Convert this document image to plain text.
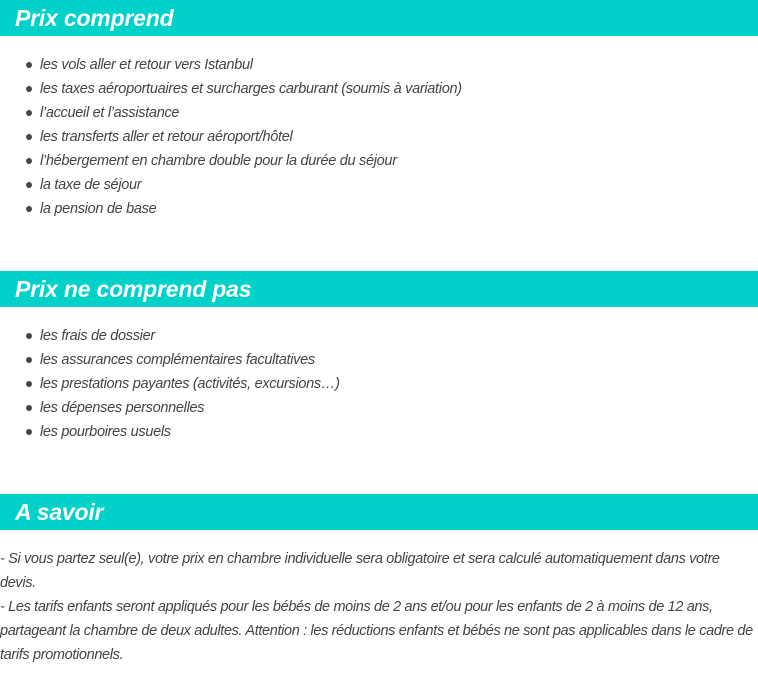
Prix comprend
les vols aller et retour vers Istanbul
les taxes aéroportuaires et surcharges carburant (soumis à variation)
l’accueil et l’assistance
les transferts aller et retour aéroport/hôtel
l’hébergement en chambre double pour la durée du séjour
la taxe de séjour
la pension de base
Prix ne comprend pas
les frais de dossier
les assurances complémentaires facultatives
les prestations payantes (activités, excursions…)
les dépenses personnelles
les pourboires usuels
A savoir

- Si vous partez seul(e), votre prix en chambre individuelle sera obligatoire et sera calculé automatiquement dans votre devis.

- Les tarifs enfants seront appliqués pour les bébés de moins de 2 ans et/ou pour les enfants de 2 à moins de 12 ans, partageant la chambre de deux adultes. Attention : les réductions enfants et bébés ne sont pas applicables dans le cadre de tarifs promotionnels.
